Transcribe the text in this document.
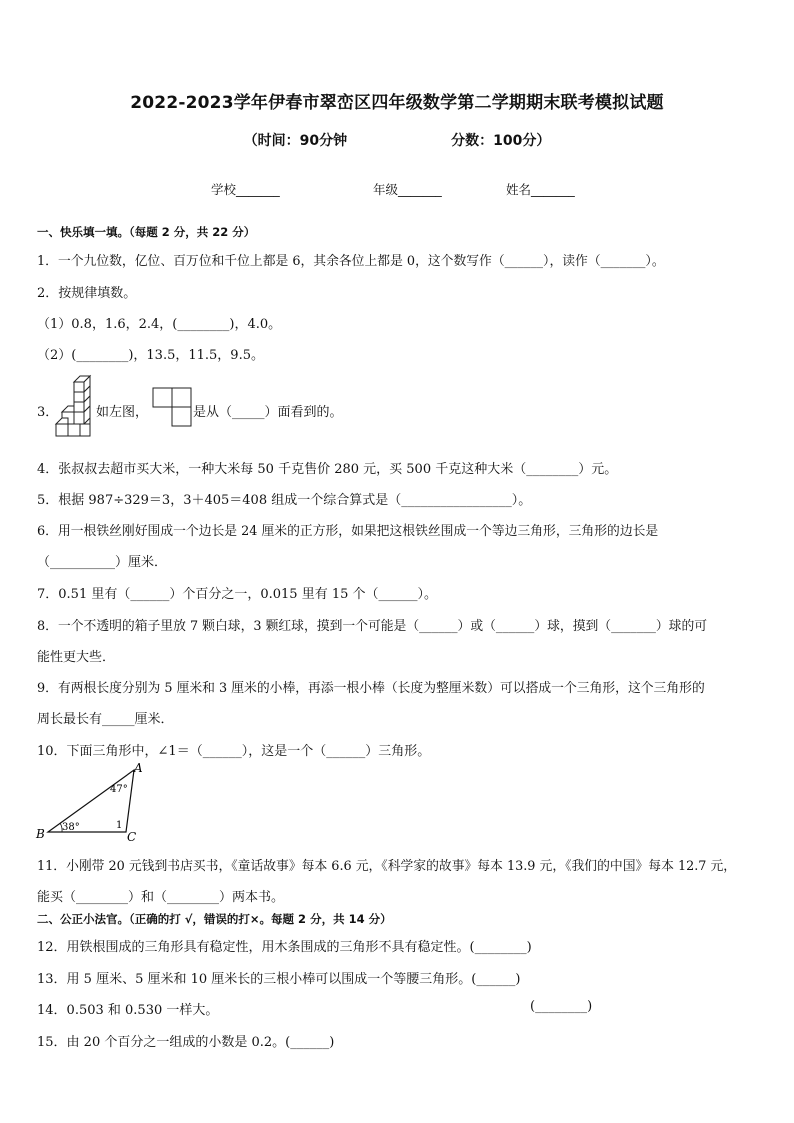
2022-2023学年伊春市翠峦区四年级数学第二学期期末联考模拟试题
（时间：90分钟	分数：100分）
学校_______	年级_______	姓名_______
一、快乐填一填。（每题 2 分，共 22 分）
1．一个九位数，亿位、百万位和千位上都是 6，其余各位上都是 0，这个数写作（______），读作（_______）。
2．按规律填数。
（1）0.8，1.6，2.4，(________)，4.0。
（2）(________)，13.5，11.5，9.5。
3．	如左图，	是从（_____）面看到的。
4．张叔叔去超市买大米，一种大米每 50 千克售价 280 元，买 500 千克这种大米（________）元。
5．根据 987÷329＝3，3＋405＝408 组成一个综合算式是（_________________）。
6．用一根铁丝刚好围成一个边长是 24 厘米的正方形，如果把这根铁丝围成一个等边三角形，三角形的边长是
（__________）厘米．
7．0.51 里有（______）个百分之一，0.015 里有 15 个（______）。
8．一个不透明的箱子里放 7 颗白球，3 颗红球，摸到一个可能是（______）或（______）球，摸到（_______）球的可
能性更大些．
9．有两根长度分别为 5 厘米和 3 厘米的小棒，再添一根小棒（长度为整厘米数）可以搭成一个三角形，这个三角形的
周长最长有_____厘米．
10．下面三角形中，∠1＝（______），这是一个（______）三角形。
A
B	C
47°
38°	1
11．小刚带 20 元钱到书店买书，《童话故事》每本 6.6 元，《科学家的故事》每本 13.9 元，《我们的中国》每本 12.7 元，
能买（________）和（________）两本书。
二、公正小法官。（正确的打 √，错误的打×。每题 2 分，共 14 分）
12．用铁根围成的三角形具有稳定性，用木条围成的三角形不具有稳定性。(________)
13．用 5 厘米、5 厘米和 10 厘米长的三根小棒可以围成一个等腰三角形。(______)
14．0.503 和 0.530 一样大。	(________)
15．由 20 个百分之一组成的小数是 0.2。(______)
